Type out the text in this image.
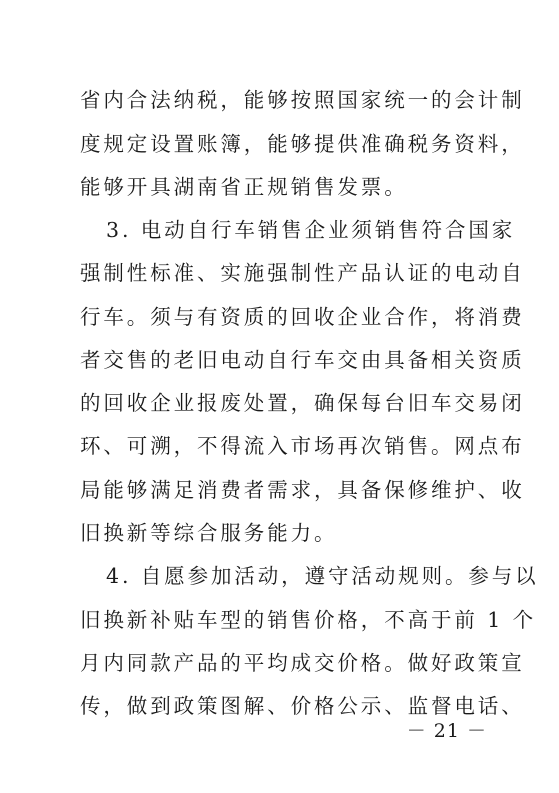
省内合法纳税，能够按照国家统一的会计制
度规定设置账簿，能够提供准确税务资料，
能够开具湖南省正规销售发票。
3. 电动自行车销售企业须销售符合国家
强制性标准、实施强制性产品认证的电动自
行车。须与有资质的回收企业合作，将消费
者交售的老旧电动自行车交由具备相关资质
的回收企业报废处置，确保每台旧车交易闭
环、可溯，不得流入市场再次销售。网点布
局能够满足消费者需求，具备保修维护、收
旧换新等综合服务能力。
4. 自愿参加活动，遵守活动规则。参与以
旧换新补贴车型的销售价格，不高于前 1 个
月内同款产品的平均成交价格。做好政策宣
传，做到政策图解、价格公示、监督电话、
－ 21 －
